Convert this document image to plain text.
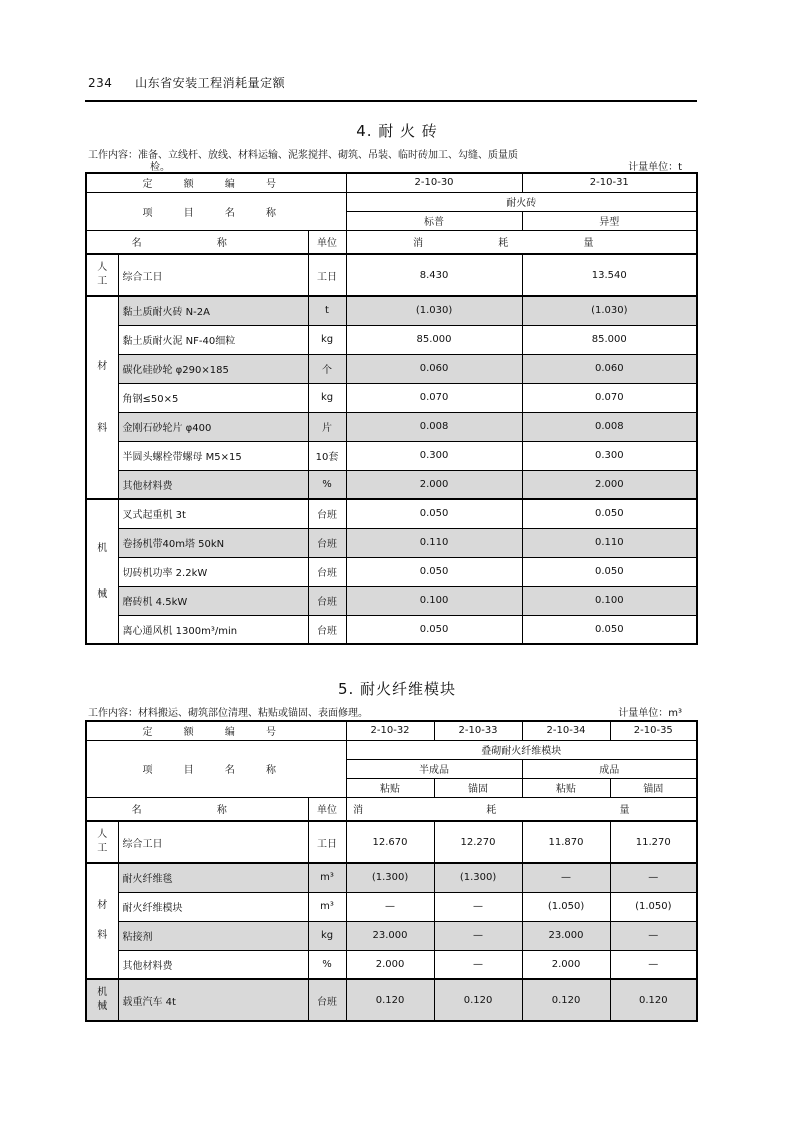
234 山东省安装工程消耗量定额
4. 耐 火 砖
工作内容：准备、立线杆、放线、材料运输、泥浆搅拌、砌筑、吊装、临时砖加工、勾缝、质量质
检。	计量单位：t
定 额 编 号			2-10-30	2-10-31
项 目 名 称			耐火砖	
			标普	异型
名 称		单位	消 耗 量	
人工	综合工日	工日	8.430	13.540

材
料	黏土质耐火砖 N-2A	t	(1.030)	(1.030)
	黏土质耐火泥 NF-40细粒	kg	85.000	85.000
	碳化硅砂轮 φ290×185	个	0.060	0.060
	角钢≤50×5	kg	0.070	0.070
	金刚石砂轮片 φ400	片	0.008	0.008
	半圆头螺栓带螺母 M5×15	10套	0.300	0.300
	其他材料费	%	2.000	2.000

机
械	叉式起重机 3t	台班	0.050	0.050
	卷扬机带40m塔 50kN	台班	0.110	0.110
	切砖机功率 2.2kW	台班	0.050	0.050
	磨砖机 4.5kW	台班	0.100	0.100
	离心通风机 1300m³/min	台班	0.050	0.050
5. 耐火纤维模块
工作内容：材料搬运、砌筑部位清理、粘贴或锚固、表面修理。	计量单位：m³
定 额 编 号			2-10-32	2-10-33	2-10-34	2-10-35
项 目 名 称			叠砌耐火纤维模块			
			半成品		成品	
			粘贴	锚固	粘贴	锚固
名 称		单位	消 耗 量			
人工	综合工日	工日	12.670	12.270	11.870	11.270

材
料	耐火纤维毯	m³	(1.300)	(1.300)	—	—
	耐火纤维模块	m³	—	—	(1.050)	(1.050)
	粘接剂	kg	23.000	—	23.000	—
	其他材料费	%	2.000	—	2.000	—
机械	载重汽车 4t	台班	0.120	0.120	0.120	0.120
